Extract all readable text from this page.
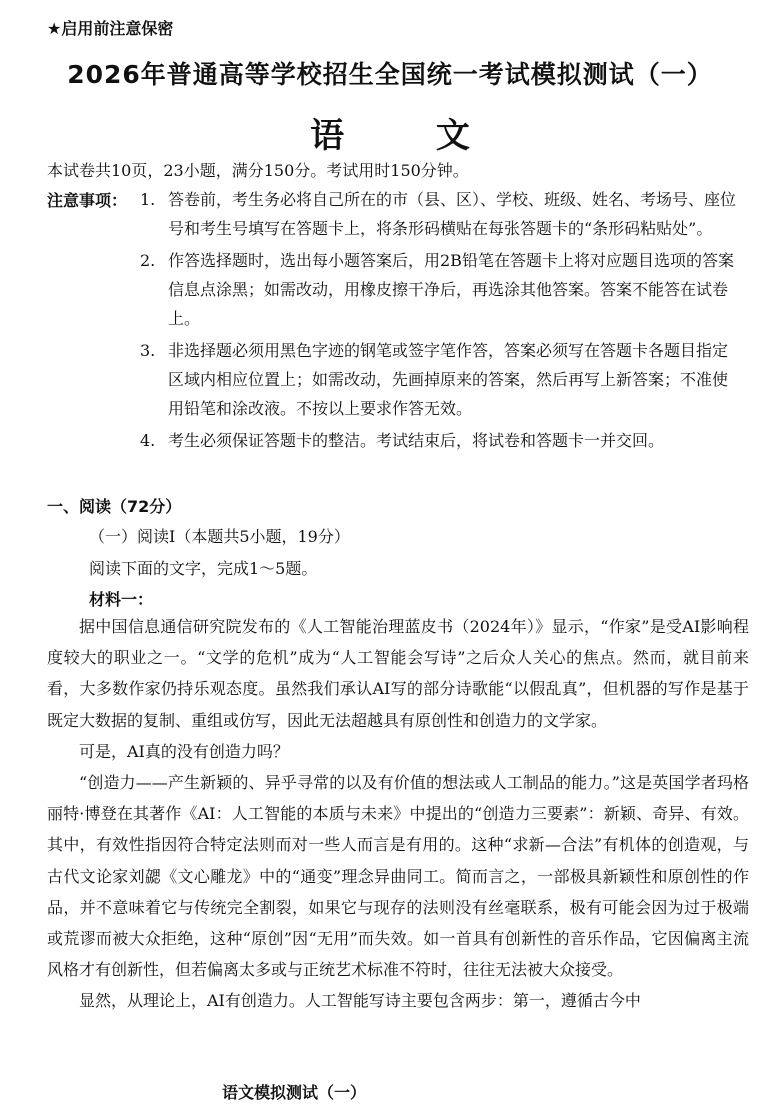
★启用前注意保密
2026年普通高等学校招生全国统一考试模拟测试（一）
语 文
本试卷共10页，23小题，满分150分。考试用时150分钟。
注意事项： 1. 答卷前，考生务必将自己所在的市（县、区）、学校、班级、姓名、考场号、座位号和考生号填写在答题卡上，将条形码横贴在每张答题卡的“条形码粘贴处”。
2. 作答选择题时，选出每小题答案后，用2B铅笔在答题卡上将对应题目选项的答案信息点涂黑；如需改动，用橡皮擦干净后，再选涂其他答案。答案不能答在试卷上。
3. 非选择题必须用黑色字迹的钢笔或签字笔作答，答案必须写在答题卡各题目指定区域内相应位置上；如需改动，先画掉原来的答案，然后再写上新答案；不准使用铅笔和涂改液。不按以上要求作答无效。
4. 考生必须保证答题卡的整洁。考试结束后，将试卷和答题卡一并交回。
一、阅读（72分）
（一）阅读Ⅰ（本题共5小题，19分）
阅读下面的文字，完成1～5题。
材料一：

据中国信息通信研究院发布的《人工智能治理蓝皮书（2024年）》显示，“作家”是受AI影响程度较大的职业之一。“文学的危机”成为“人工智能会写诗”之后众人关心的焦点。然而，就目前来看，大多数作家仍持乐观态度。虽然我们承认AI写的部分诗歌能“以假乱真”，但机器的写作是基于既定大数据的复制、重组或仿写，因此无法超越具有原创性和创造力的文学家。

可是，AI真的没有创造力吗？

“创造力——产生新颖的、异乎寻常的以及有价值的想法或人工制品的能力。”这是英国学者玛格丽特·博登在其著作《AI：人工智能的本质与未来》中提出的“创造力三要素”：新颖、奇异、有效。其中，有效性指因符合特定法则而对一些人而言是有用的。这种“求新—合法”有机体的创造观，与古代文论家刘勰《文心雕龙》中的“通变”理念异曲同工。简而言之，一部极具新颖性和原创性的作品，并不意味着它与传统完全割裂，如果它与现存的法则没有丝毫联系，极有可能会因为过于极端或荒谬而被大众拒绝，这种“原创”因“无用”而失效。如一首具有创新性的音乐作品，它因偏离主流风格才有创新性，但若偏离太多或与正统艺术标准不符时，往往无法被大众接受。

显然，从理论上，AI有创造力。人工智能写诗主要包含两步：第一，遵循古今中

语文模拟测试（一）
